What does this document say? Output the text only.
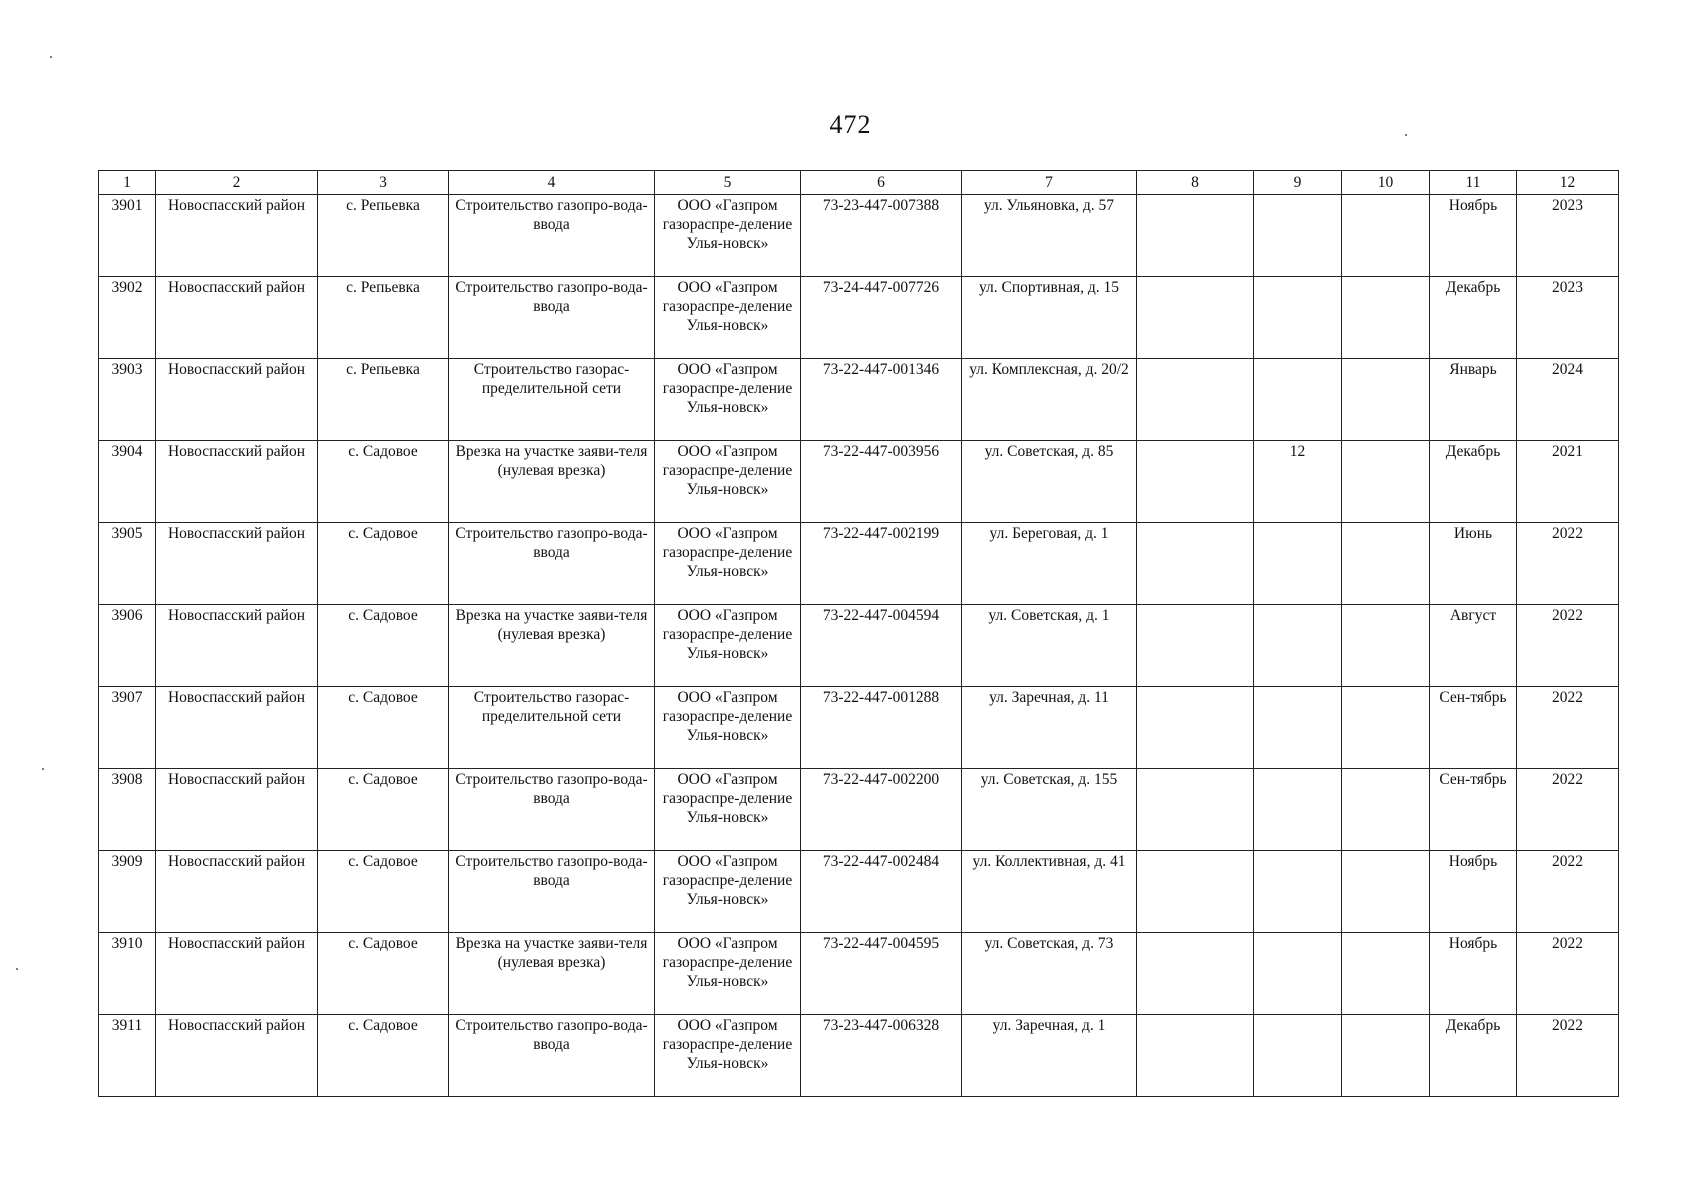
472
1	2	3	4	5	6	7	8	9	10	11	12
3901	Новоспасский район	с. Репьевка	Строительство газопро-вода-ввода	ООО «Газпром газораспре-деление Улья-новск»	73-23-447-007388	ул. Ульяновка, д. 57				Ноябрь	2023
3902	Новоспасский район	с. Репьевка	Строительство газопро-вода-ввода	ООО «Газпром газораспре-деление Улья-новск»	73-24-447-007726	ул. Спортивная, д. 15				Декабрь	2023
3903	Новоспасский район	с. Репьевка	Строительство газорас-пределительной сети	ООО «Газпром газораспре-деление Улья-новск»	73-22-447-001346	ул. Комплексная, д. 20/2				Январь	2024
3904	Новоспасский район	с. Садовое	Врезка на участке заяви-теля (нулевая врезка)	ООО «Газпром газораспре-деление Улья-новск»	73-22-447-003956	ул. Советская, д. 85		12		Декабрь	2021
3905	Новоспасский район	с. Садовое	Строительство газопро-вода-ввода	ООО «Газпром газораспре-деление Улья-новск»	73-22-447-002199	ул. Береговая, д. 1				Июнь	2022
3906	Новоспасский район	с. Садовое	Врезка на участке заяви-теля (нулевая врезка)	ООО «Газпром газораспре-деление Улья-новск»	73-22-447-004594	ул. Советская, д. 1				Август	2022
3907	Новоспасский район	с. Садовое	Строительство газорас-пределительной сети	ООО «Газпром газораспре-деление Улья-новск»	73-22-447-001288	ул. Заречная, д. 11				Сен-тябрь	2022
3908	Новоспасский район	с. Садовое	Строительство газопро-вода-ввода	ООО «Газпром газораспре-деление Улья-новск»	73-22-447-002200	ул. Советская, д. 155				Сен-тябрь	2022
3909	Новоспасский район	с. Садовое	Строительство газопро-вода-ввода	ООО «Газпром газораспре-деление Улья-новск»	73-22-447-002484	ул. Коллективная, д. 41				Ноябрь	2022
3910	Новоспасский район	с. Садовое	Врезка на участке заяви-теля (нулевая врезка)	ООО «Газпром газораспре-деление Улья-новск»	73-22-447-004595	ул. Советская, д. 73				Ноябрь	2022
3911	Новоспасский район	с. Садовое	Строительство газопро-вода-ввода	ООО «Газпром газораспре-деление Улья-новск»	73-23-447-006328	ул. Заречная, д. 1				Декабрь	2022
